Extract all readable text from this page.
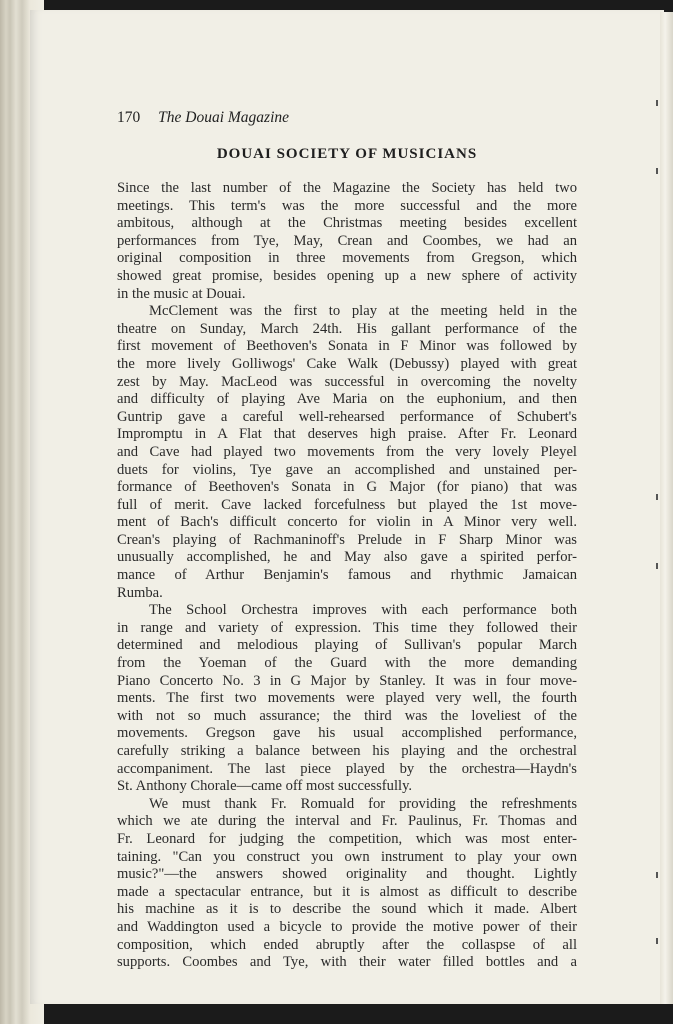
170 The Douai Magazine
DOUAI SOCIETY OF MUSICIANS
Since the last number of the Magazine the Society has held two
meetings. This term's was the more successful and the more
ambitous, although at the Christmas meeting besides excellent
performances from Tye, May, Crean and Coombes, we had an
original composition in three movements from Gregson, which
showed great promise, besides opening up a new sphere of activity
in the music at Douai.
McClement was the first to play at the meeting held in the
theatre on Sunday, March 24th. His gallant performance of the
first movement of Beethoven's Sonata in F Minor was followed by
the more lively Golliwogs' Cake Walk (Debussy) played with great
zest by May. MacLeod was successful in overcoming the novelty
and difficulty of playing Ave Maria on the euphonium, and then
Guntrip gave a careful well-rehearsed performance of Schubert's
Impromptu in A Flat that deserves high praise. After Fr. Leonard
and Cave had played two movements from the very lovely Pleyel
duets for violins, Tye gave an accomplished and unstained per-
formance of Beethoven's Sonata in G Major (for piano) that was
full of merit. Cave lacked forcefulness but played the 1st move-
ment of Bach's difficult concerto for violin in A Minor very well.
Crean's playing of Rachmaninoff's Prelude in F Sharp Minor was
unusually accomplished, he and May also gave a spirited perfor-
mance of Arthur Benjamin's famous and rhythmic Jamaican
Rumba.
The School Orchestra improves with each performance both
in range and variety of expression. This time they followed their
determined and melodious playing of Sullivan's popular March
from the Yoeman of the Guard with the more demanding
Piano Concerto No. 3 in G Major by Stanley. It was in four move-
ments. The first two movements were played very well, the fourth
with not so much assurance; the third was the loveliest of the
movements. Gregson gave his usual accomplished performance,
carefully striking a balance between his playing and the orchestral
accompaniment. The last piece played by the orchestra—Haydn's
St. Anthony Chorale—came off most successfully.
We must thank Fr. Romuald for providing the refreshments
which we ate during the interval and Fr. Paulinus, Fr. Thomas and
Fr. Leonard for judging the competition, which was most enter-
taining. "Can you construct you own instrument to play your own
music?"—the answers showed originality and thought. Lightly
made a spectacular entrance, but it is almost as difficult to describe
his machine as it is to describe the sound which it made. Albert
and Waddington used a bicycle to provide the motive power of their
composition, which ended abruptly after the collaspse of all
supports. Coombes and Tye, with their water filled bottles and a
